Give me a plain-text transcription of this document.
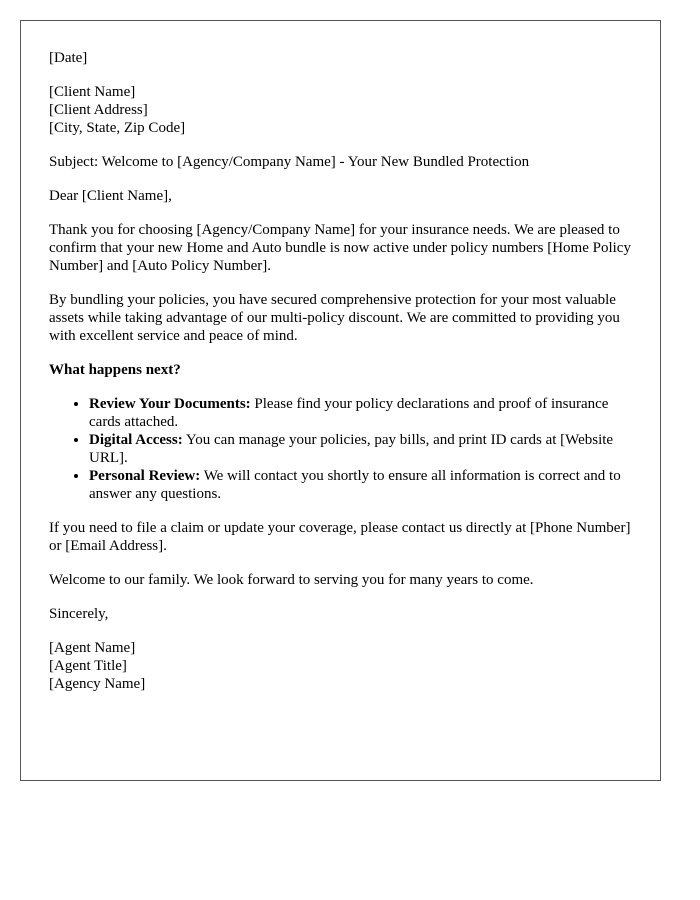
[Date]

[Client Name]
[Client Address]
[City, State, Zip Code]

Subject: Welcome to [Agency/Company Name] - Your New Bundled Protection

Dear [Client Name],

Thank you for choosing [Agency/Company Name] for your insurance needs. We are pleased to confirm that your new Home and Auto bundle is now active under policy numbers [Home Policy Number] and [Auto Policy Number].

By bundling your policies, you have secured comprehensive protection for your most valuable assets while taking advantage of our multi-policy discount. We are committed to providing you with excellent service and peace of mind.

What happens next?

• Review Your Documents: Please find your policy declarations and proof of insurance cards attached.
• Digital Access: You can manage your policies, pay bills, and print ID cards at [Website URL].
• Personal Review: We will contact you shortly to ensure all information is correct and to answer any questions.

If you need to file a claim or update your coverage, please contact us directly at [Phone Number] or [Email Address].

Welcome to our family. We look forward to serving you for many years to come.

Sincerely,

[Agent Name]
[Agent Title]
[Agency Name]
